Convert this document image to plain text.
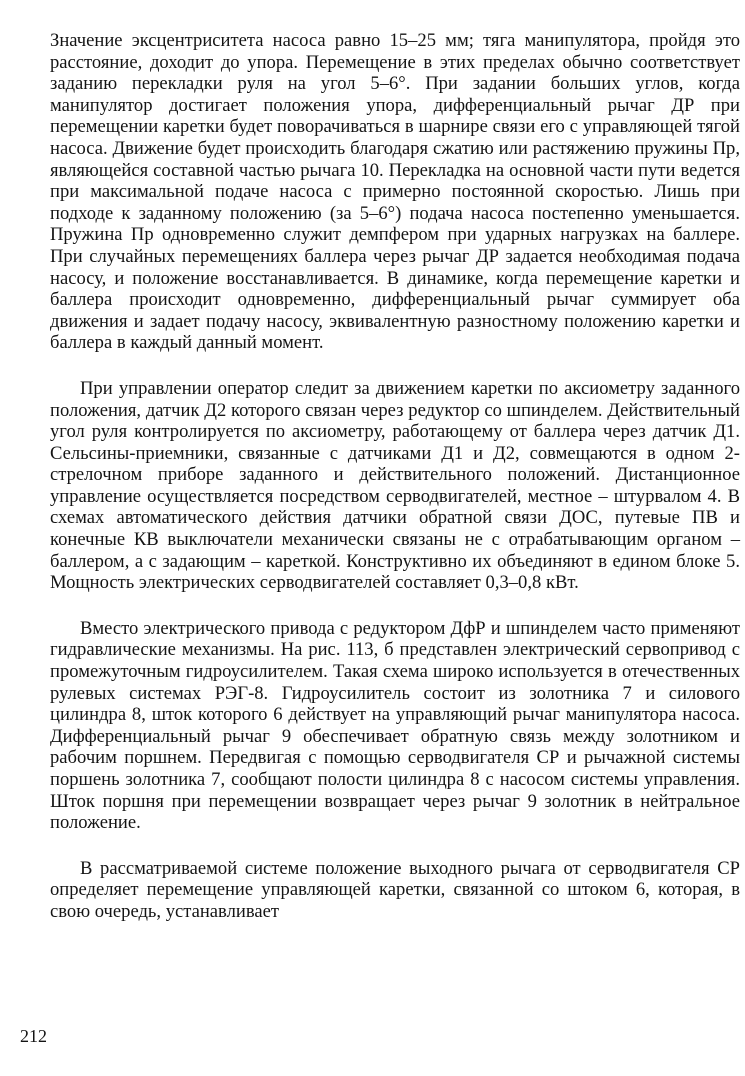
Значение эксцентриситета насоса равно 15–25 мм; тяга манипулятора, пройдя это расстояние, доходит до упора. Перемещение в этих пределах обычно соответствует заданию перекладки руля на угол 5–6°. При задании больших углов, когда манипулятор достигает положения упора, дифференциальный рычаг ДР при перемещении каретки будет поворачиваться в шарнире связи его с управляющей тягой насоса. Движение будет происходить благодаря сжатию или растяжению пружины Пр, являющейся составной частью рычага 10. Перекладка на основной части пути ведется при максимальной подаче насоса с примерно постоянной скоростью. Лишь при подходе к заданному положению (за 5–6°) подача насоса постепенно уменьшается. Пружина Пр одновременно служит демпфером при ударных нагрузках на баллере. При случайных перемещениях баллера через рычаг ДР задается необходимая подача насосу, и положение восстанавливается. В динамике, когда перемещение каретки и баллера происходит одновременно, дифференциальный рычаг суммирует оба движения и задает подачу насосу, эквивалентную разностному положению каретки и баллера в каждый данный момент.

При управлении оператор следит за движением каретки по аксиометру заданного положения, датчик Д2 которого связан через редуктор со шпинделем. Действительный угол руля контролируется по аксиометру, работающему от баллера через датчик Д1. Сельсины-приемники, связанные с датчиками Д1 и Д2, совмещаются в одном 2-стрелочном приборе заданного и действительного положений. Дистанционное управление осуществляется посредством серводвигателей, местное – штурвалом 4. В схемах автоматического действия датчики обратной связи ДОС, путевые ПВ и конечные КВ выключатели механически связаны не с отрабатывающим органом – баллером, а с задающим – кареткой. Конструктивно их объединяют в едином блоке 5. Мощность электрических серводвигателей составляет 0,3–0,8 кВт.

Вместо электрического привода с редуктором ДфР и шпинделем часто применяют гидравлические механизмы. На рис. 113, б представлен электрический сервопривод с промежуточным гидроусилителем. Такая схема широко используется в отечественных рулевых системах РЭГ-8. Гидроусилитель состоит из золотника 7 и силового цилиндра 8, шток которого 6 действует на управляющий рычаг манипулятора насоса. Дифференциальный рычаг 9 обеспечивает обратную связь между золотником и рабочим поршнем. Передвигая с помощью серводвигателя СР и рычажной системы поршень золотника 7, сообщают полости цилиндра 8 с насосом системы управления. Шток поршня при перемещении возвращает через рычаг 9 золотник в нейтральное положение.

В рассматриваемой системе положение выходного рычага от серводвигателя СР определяет перемещение управляющей каретки, связанной со штоком 6, которая, в свою очередь, устанавливает

212
